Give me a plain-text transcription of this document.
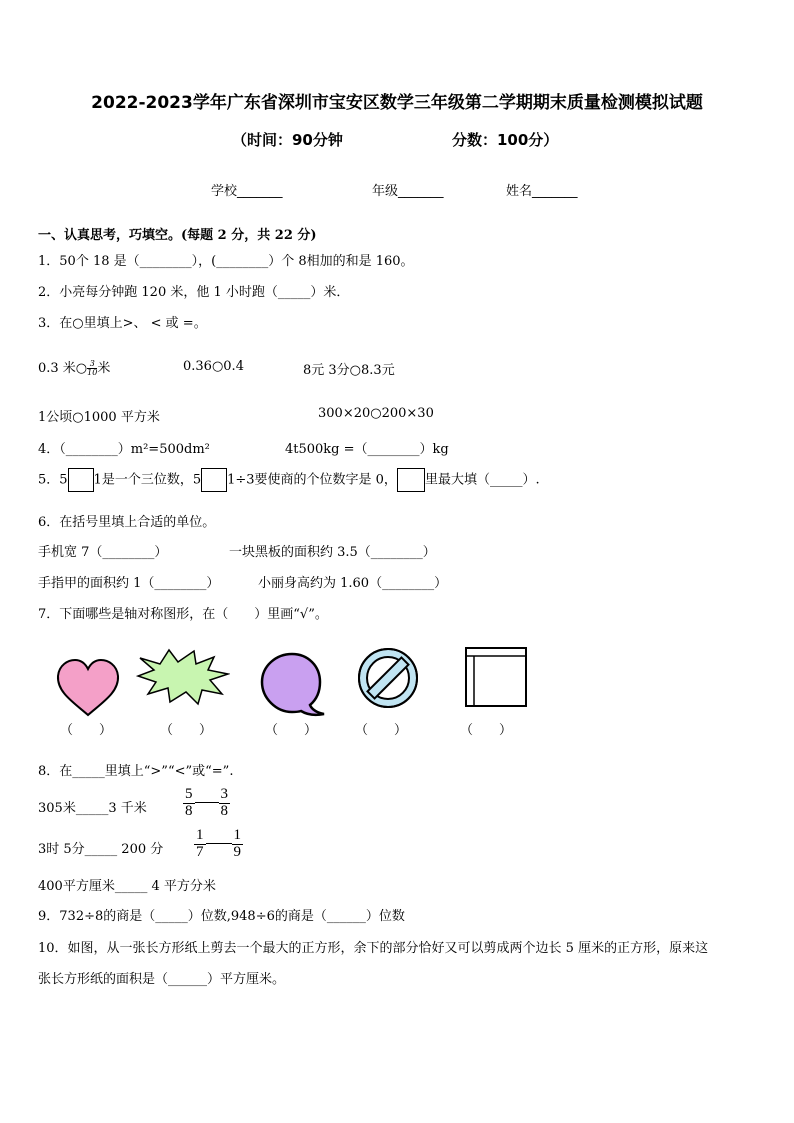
2022-2023学年广东省深圳市宝安区数学三年级第二学期期末质量检测模拟试题
（时间：90分钟	分数：100分）
学校_______	年级_______	姓名_______
一、认真思考，巧填空。(每题 2 分，共 22 分)
1．50个 18 是（________），(________）个 8相加的和是 160。
2．小亮每分钟跑 120 米，他 1 小时跑（_____）米．
3．在○里填上>、 < 或 =。
0.3 米○ $\frac{3}{10}$ 米	0.36○0.4	8元 3分○8.3元
1公顷○1000 平方米	300×20○200×30
4．（________）m²=500dm²	4t500kg =（________）kg
5．5 1是一个三位数，5 1÷3要使商的个位数字是 0， 里最大填（_____）.
6．在括号里填上合适的单位。
手机宽 7（________）	一块黑板的面积约 3.5（________）
手指甲的面积约 1（________）	小丽身高约为 1.60（________）
7．下面哪些是轴对称图形，在（　　）里画“√”。
（　　）	（　　）	（　　）	（　　）	（　　）
8．在_____里填上“>”“<”或“=”.
305米_____3 千米 $\frac{5}{8} \frac{3}{8}$
3时 5分_____ 200 分 $\frac{1}{7} \frac{1}{9}$
400平方厘米_____ 4 平方分米
9．732÷8的商是（_____）位数,948÷6的商是（______）位数
10．如图，从一张长方形纸上剪去一个最大的正方形，余下的部分恰好又可以剪成两个边长 5 厘米的正方形，原来这
张长方形纸的面积是（______）平方厘米。
